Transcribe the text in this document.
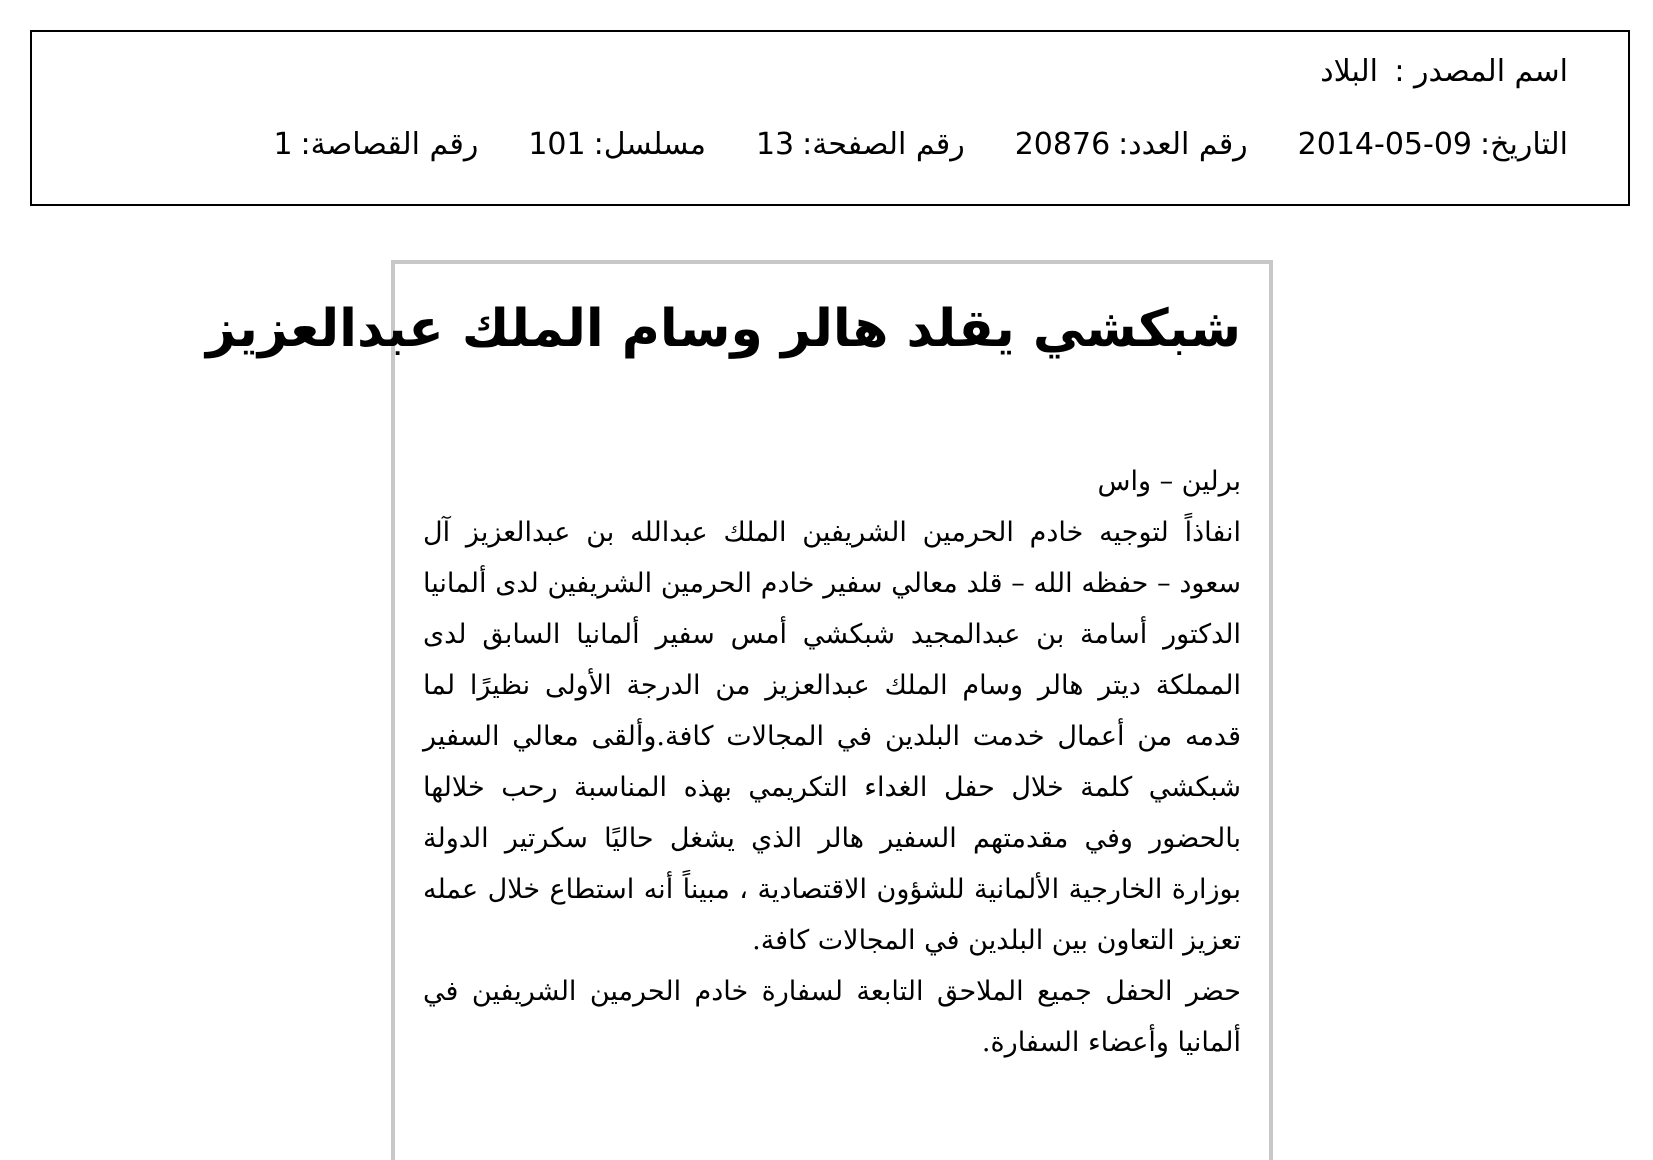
اسم المصدر :
البلاد
التاريخ:
2014-05-09
رقم العدد:
20876
رقم الصفحة:
13
مسلسل:
101
رقم القصاصة:
1
شبكشي يقلد هالر وسام الملك عبدالعزيز

برلين – واس

انفاذاً لتوجيه خادم الحرمين الشريفين الملك عبدالله بن عبدالعزيز آل سعود – حفظه الله – قلد معالي سفير خادم الحرمين الشريفين لدى ألمانيا الدكتور أسامة بن عبدالمجيد شبكشي أمس سفير ألمانيا السابق لدى المملكة ديتر هالر وسام الملك عبدالعزيز من الدرجة الأولى نظيرًا لما قدمه من أعمال خدمت البلدين في المجالات كافة.وألقى معالي السفير شبكشي كلمة خلال حفل الغداء التكريمي بهذه المناسبة رحب خلالها بالحضور وفي مقدمتهم السفير هالر الذي يشغل حاليًا سكرتير الدولة بوزارة الخارجية الألمانية للشؤون الاقتصادية ، مبيناً أنه استطاع خلال عمله تعزيز التعاون بين البلدين في المجالات كافة.

حضر الحفل جميع الملاحق التابعة لسفارة خادم الحرمين الشريفين في ألمانيا وأعضاء السفارة.
